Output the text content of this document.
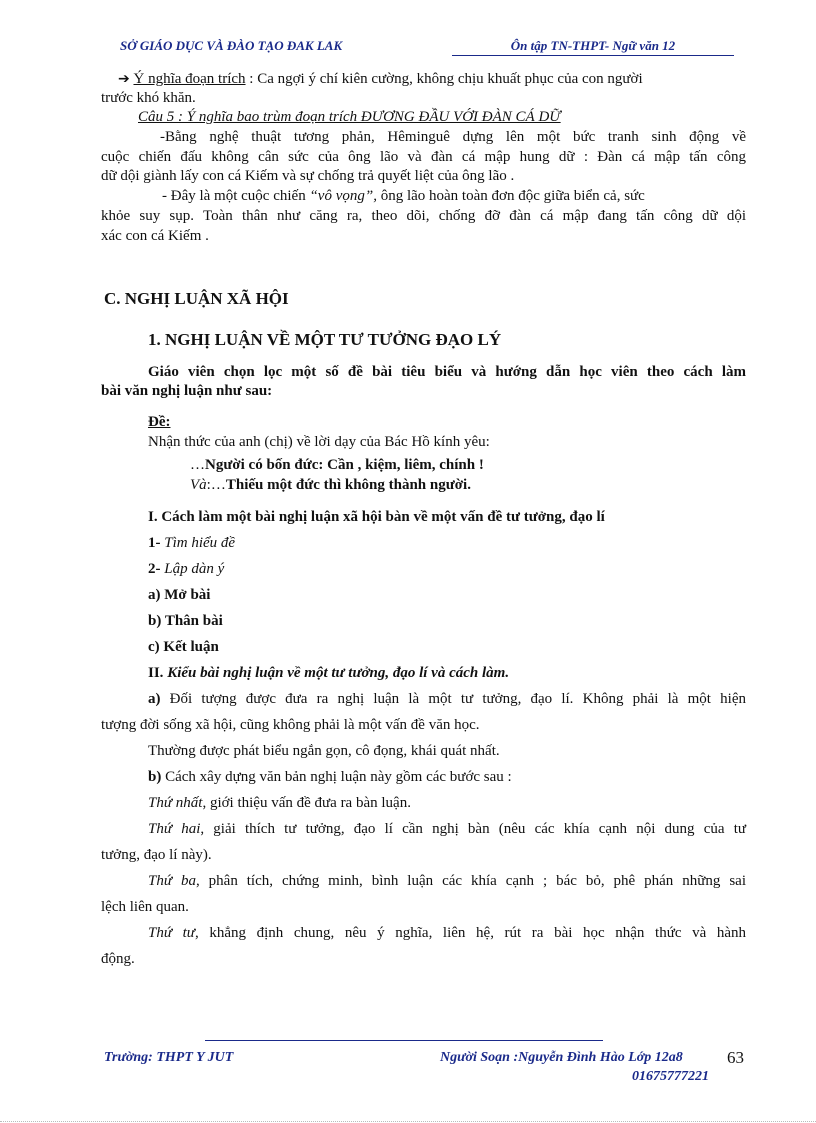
SỞ GIÁO DỤC VÀ ĐÀO TẠO ĐAK LAK	Ôn tập TN-THPT- Ngữ văn 12
➔ Ý nghĩa đoạn trích : Ca ngợi ý chí kiên cường, không chịu khuất phục của con người
trước khó khăn.
Câu 5 : Ý nghĩa bao trùm đoạn trích ĐƯƠNG ĐẦU VỚI ĐÀN CÁ DỮ
-Bằng nghệ thuật tương phản, Hêminguê dựng lên một bức tranh sinh động về
cuộc chiến đấu không cân sức của ông lão và đàn cá mập hung dữ : Đàn cá mập tấn công
dữ dội giành lấy con cá Kiếm và sự chống trả quyết liệt của ông lão .
- Đây là một cuộc chiến “vô vọng”, ông lão hoàn toàn đơn độc giữa biển cả, sức
khỏe suy sụp. Toàn thân như căng ra, theo dõi, chống đỡ đàn cá mập đang tấn công dữ dội
xác con cá Kiếm .
C. NGHỊ LUẬN XÃ HỘI
1. NGHỊ LUẬN VỀ MỘT TƯ TƯỞNG ĐẠO LÝ
Giáo viên chọn lọc một số đề bài tiêu biểu và hướng dẫn học viên theo cách làm
bài văn nghị luận như sau:
Đề:
Nhận thức của anh (chị) về lời dạy của Bác Hồ kính yêu:
…Người có bốn đức: Cần , kiệm, liêm, chính !
Và:…Thiếu một đức thì không thành người.
I. Cách làm một bài nghị luận xã hội bàn về một vấn đề tư tưởng, đạo lí
1- Tìm hiểu đề
2- Lập dàn ý
a) Mở bài
b) Thân bài
c) Kết luận
II. Kiểu bài nghị luận về một tư tưởng, đạo lí và cách làm.
a) Đối tượng được đưa ra nghị luận là một tư tưởng, đạo lí. Không phải là một hiện
tượng đời sống xã hội, cũng không phải là một vấn đề văn học.
Thường được phát biểu ngắn gọn, cô đọng, khái quát nhất.
b) Cách xây dựng văn bản nghị luận này gồm các bước sau :
Thứ nhất, giới thiệu vấn đề đưa ra bàn luận.
Thứ hai, giải thích tư tưởng, đạo lí cần nghị bàn (nêu các khía cạnh nội dung của tư
tưởng, đạo lí này).
Thứ ba, phân tích, chứng minh, bình luận các khía cạnh ; bác bỏ, phê phán những sai
lệch liên quan.
Thứ tư, khẳng định chung, nêu ý nghĩa, liên hệ, rút ra bài học nhận thức và hành
động.
Trường: THPT Y JUT	Người Soạn :Nguyễn Đình Hào Lớp 12a8	63
01675777221
